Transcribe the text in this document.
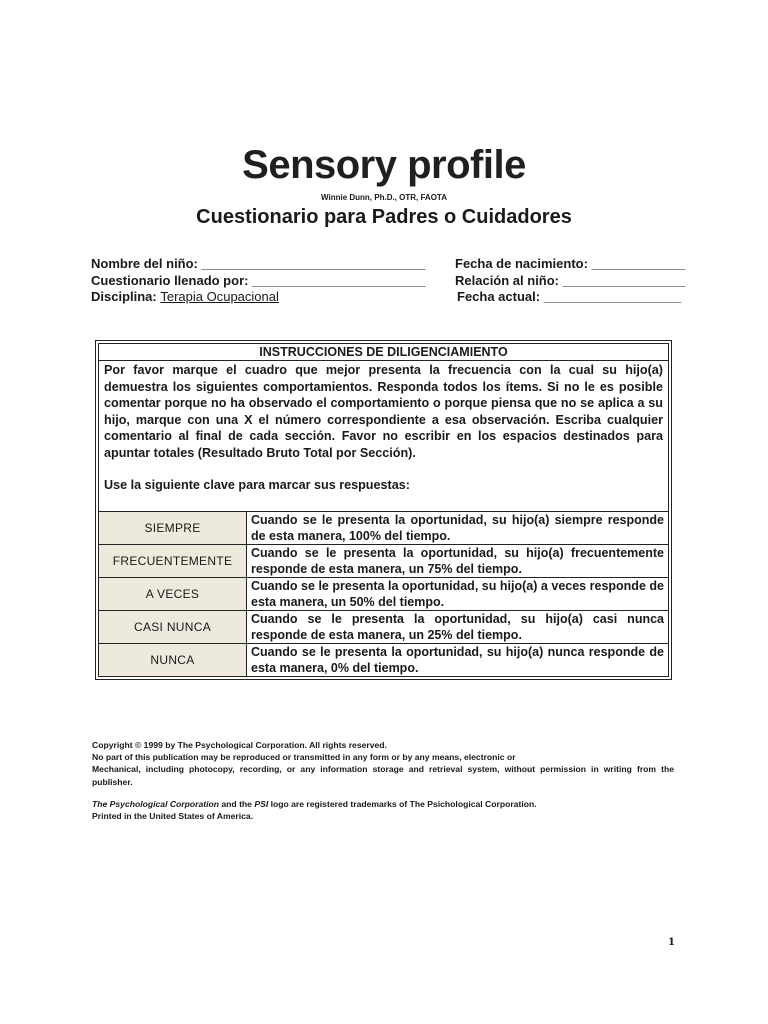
Sensory profile
Winnie Dunn, Ph.D., OTR, FAOTA
Cuestionario para Padres o Cuidadores
Nombre del niño: _______________________________
Cuestionario llenado por: ________________________
Disciplina: Terapia Ocupacional
Fecha de nacimiento: _____________
Relación al niño: _________________
Fecha actual: ___________________
INSTRUCCIONES DE DILIGENCIAMIENTO
Por favor marque el cuadro que mejor presenta la frecuencia con la cual su hijo(a) demuestra los siguientes comportamientos. Responda todos los ítems. Si no le es posible comentar porque no ha observado el comportamiento o porque piensa que no se aplica a su hijo, marque con una X el número correspondiente a esa observación. Escriba cualquier comentario al final de cada sección. Favor no escribir en los espacios destinados para apuntar totales (Resultado Bruto Total por Sección).
Use la siguiente clave para marcar sus respuestas:
SIEMPRE	Cuando se le presenta la oportunidad, su hijo(a) siempre responde de esta manera, 100% del tiempo.
FRECUENTEMENTE	Cuando se le presenta la oportunidad, su hijo(a) frecuentemente responde de esta manera, un 75% del tiempo.
A VECES	Cuando se le presenta la oportunidad, su hijo(a) a veces responde de esta manera, un 50% del tiempo.
CASI NUNCA	Cuando se le presenta la oportunidad, su hijo(a) casi nunca responde de esta manera, un 25% del tiempo.
NUNCA	Cuando se le presenta la oportunidad, su hijo(a) nunca responde de esta manera, 0% del tiempo.

Copyright © 1999 by The Psychological Corporation. All rights reserved.

No part of this publication may be reproduced or transmitted in any form or by any means, electronic or

Mechanical, including photocopy, recording, or any information storage and retrieval system, without permission in writing from the publisher.

The Psychological Corporation and the PSI logo are registered trademarks of The Psichological Corporation.

Printed in the United States of America.

1
